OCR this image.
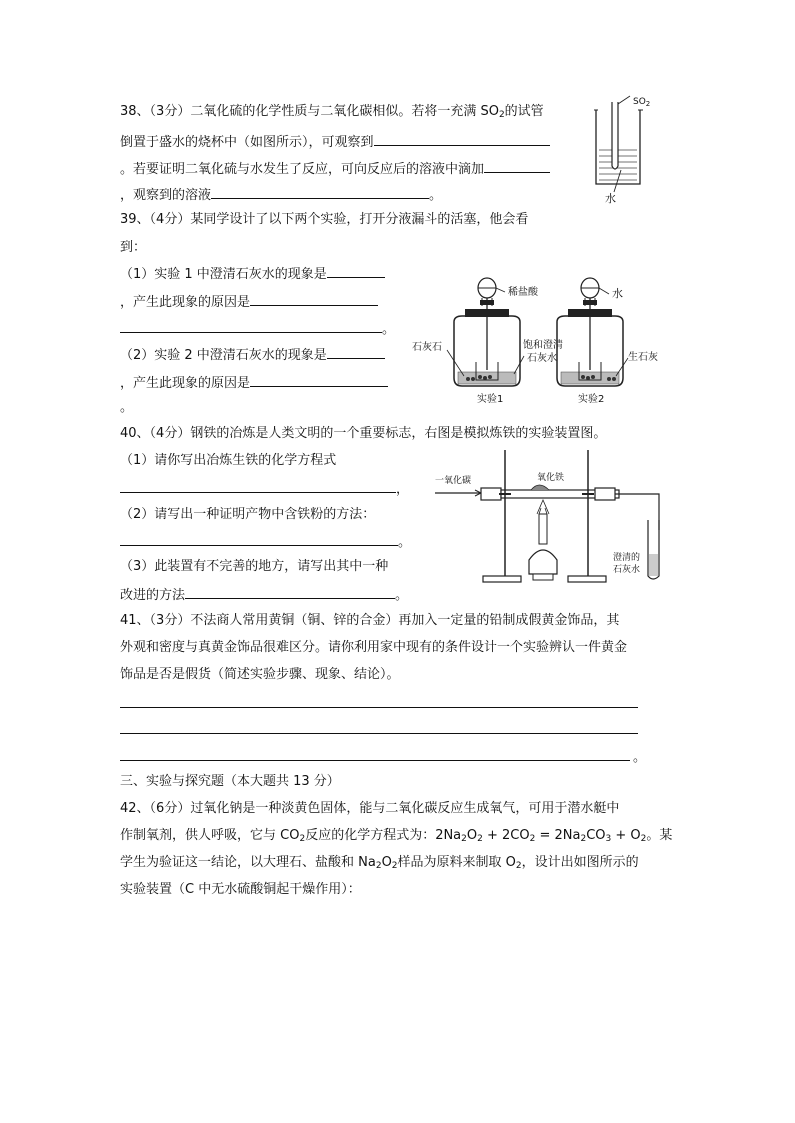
38、（3分）二氧化硫的化学性质与二氧化碳相似。若将一充满 $SO_2$的试管
倒置于盛水的烧杯中（如图所示），可观察到
。若要证明二氧化硫与水发生了反应，可向反应后的溶液中滴加
，观察到的溶液	。
$SO_2$
水
39、（4分）某同学设计了以下两个实验，打开分液漏斗的活塞，他会看
到：
（1）实验 1 中澄清石灰水的现象是
，产生此现象的原因是
。
（2）实验 2 中澄清石灰水的现象是
，产生此现象的原因是
。
稀盐酸
石灰石	饱和澄清
石灰水
实验1
水
生石灰
实验2
40、（4分）钢铁的冶炼是人类文明的一个重要标志，右图是模拟炼铁的实验装置图。
（1）请你写出冶炼生铁的化学方程式
，
（2）请写出一种证明产物中含铁粉的方法：
。
（3）此装置有不完善的地方，请写出其中一种
改进的方法	。
一氧化碳	氧化铁
澄清的
石灰水
41、（3分）不法商人常用黄铜（铜、锌的合金）再加入一定量的铅制成假黄金饰品，其
外观和密度与真黄金饰品很难区分。请你利用家中现有的条件设计一个实验辨认一件黄金
饰品是否是假货（简述实验步骤、现象、结论）。
。
三、实验与探究题（本大题共 13 分）
42、（6分）过氧化钠是一种淡黄色固体，能与二氧化碳反应生成氧气，可用于潜水艇中
作制氧剂，供人呼吸，它与 $CO_2$反应的化学方程式为：$2Na_2O_2 + 2CO_2 = 2Na_2CO_3 + O_2$。某
学生为验证这一结论，以大理石、盐酸和 $Na_2O_2$样品为原料来制取 $O_2$，设计出如图所示的
实验装置（C 中无水硫酸铜起干燥作用）：
